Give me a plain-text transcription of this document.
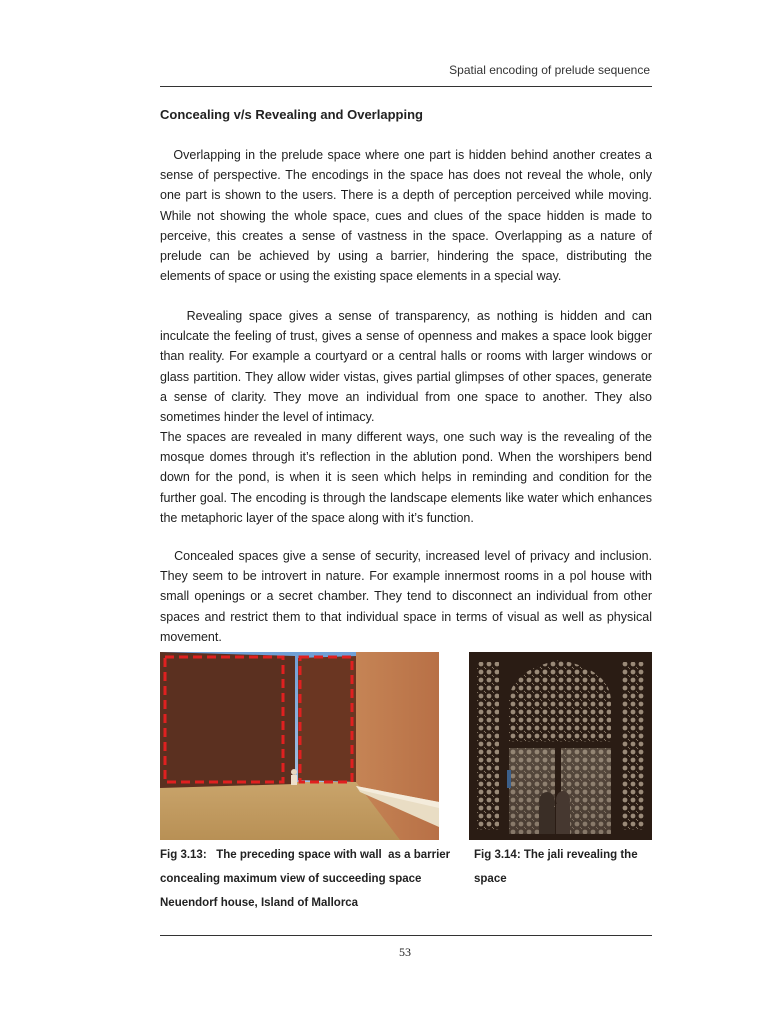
Spatial encoding of prelude sequence
Concealing v/s Revealing and Overlapping

Overlapping in the prelude space where one part is hidden behind another creates a sense of perspective. The encodings in the space has does not reveal the whole, only one part is shown to the users. There is a depth of perception perceived while moving. While not showing the whole space, cues and clues of the space hidden is made to perceive, this creates a sense of vastness in the space. Overlapping as a nature of prelude can be achieved by using a barrier, hindering the space, distributing the elements of space or using the existing space elements in a special way.

Revealing space gives a sense of transparency, as nothing is hidden and can inculcate the feeling of trust, gives a sense of openness and makes a space look bigger than reality. For example a courtyard or a central halls or rooms with larger windows or glass partition. They allow wider vistas, gives partial glimpses of other spaces, generate a sense of clarity. They move an individual from one space to another. They also sometimes hinder the level of intimacy.

The spaces are revealed in many different ways, one such way is the revealing of the mosque domes through it’s reflection in the ablution pond. When the worshipers bend down for the pond, is when it is seen which helps in reminding and condition for the further goal. The encoding is through the landscape elements like water which enhances the metaphoric layer of the space along with it’s function.

Concealed spaces give a sense of security, increased level of privacy and inclusion. They seem to be introvert in nature. For example innermost rooms in a pol house with small openings or a secret chamber. They tend to disconnect an individual from other spaces and restrict them to that individual space in terms of visual as well as physical movement.

Fig 3.13:   The preceding space with wall  as a barrier
concealing maximum view of succeeding space
Neuendorf house, Island of Mallorca
Fig 3.14: The jali revealing the
space
53
